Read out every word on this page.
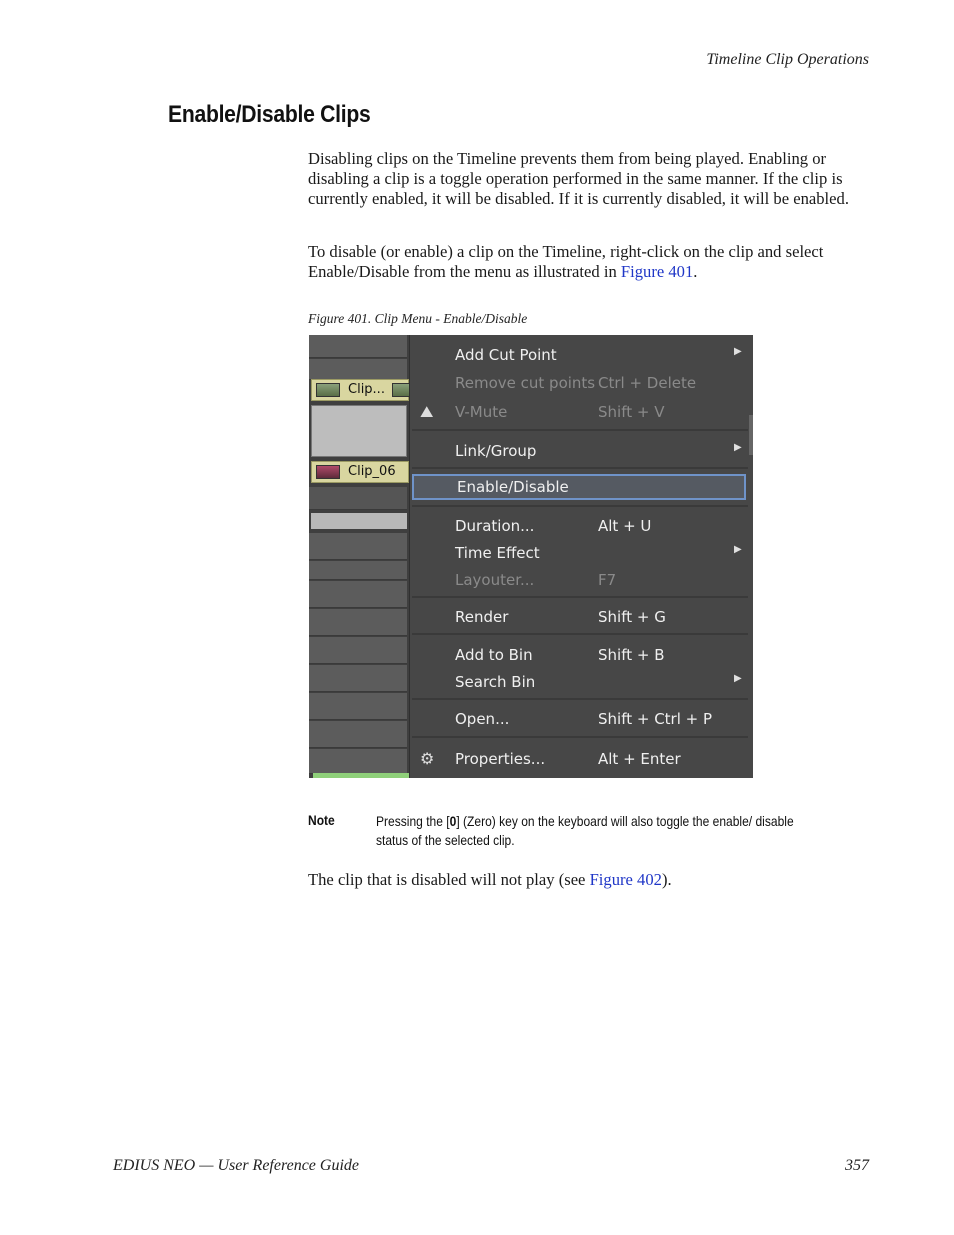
Timeline Clip Operations
Enable/Disable Clips

Disabling clips on the Timeline prevents them from being played. Enabling or disabling a clip is a toggle operation performed in the same manner. If the clip is currently enabled, it will be disabled. If it is currently disabled, it will be enabled.

To disable (or enable) a clip on the Timeline, right-click on the clip and select Enable/Disable from the menu as illustrated in Figure 401.

Figure 401. Clip Menu - Enable/Disable
Clip...
Clip_06
Add Cut Point	▶
Remove cut points Ctrl + Delete
⛰ V-Mute	Shift + V
Link/Group	▶
Enable/Disable
Duration...	Alt + U
Time Effect	▶
Layouter...	F7
Render	Shift + G
Add to Bin	Shift + B
Search Bin	▶
Open...	Shift + Ctrl + P
⚙ Properties...	Alt + Enter
Note	Pressing the [0] (Zero) key on the keyboard will also toggle the enable/ disable status of the selected clip.

The clip that is disabled will not play (see Figure 402).

EDIUS NEO — User Reference Guide	357
